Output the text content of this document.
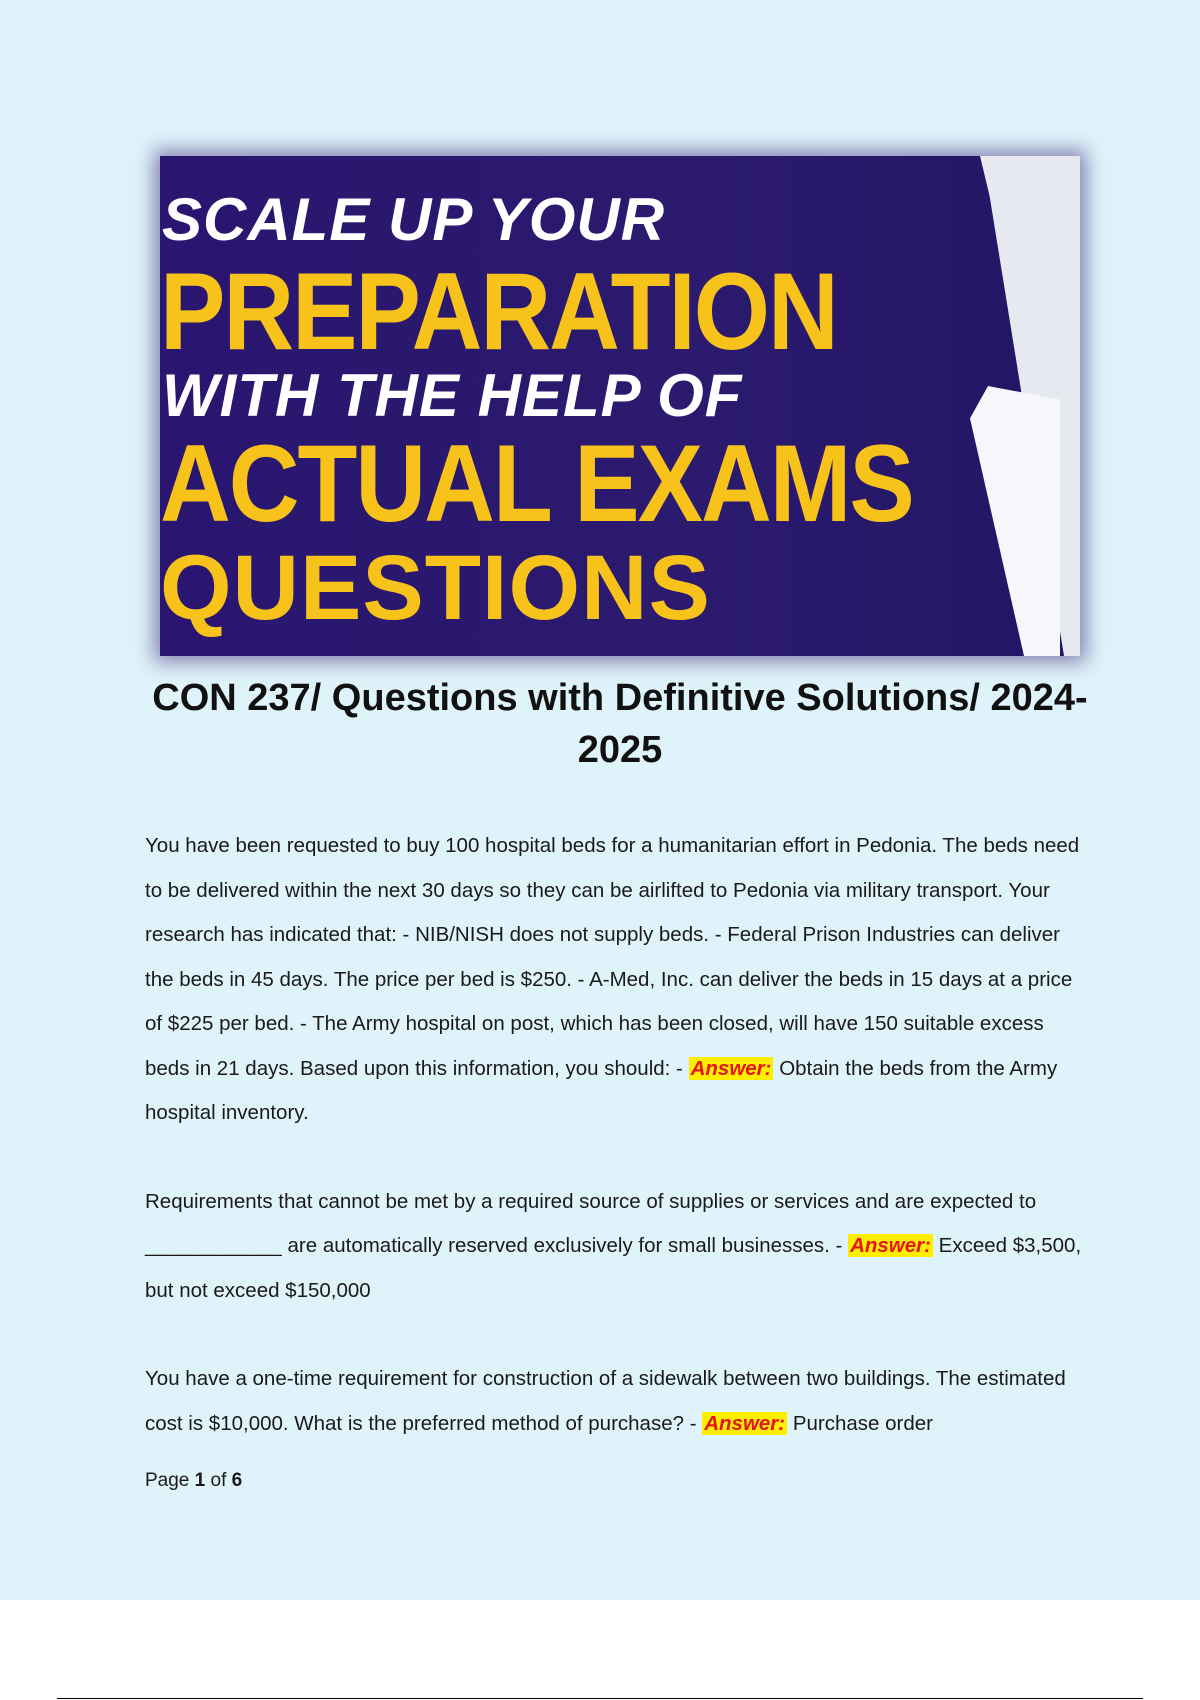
SCALE UP YOUR
PREPARATION
WITH THE HELP OF
ACTUAL EXAMS
QUESTIONS
CON 237/ Questions with Definitive Solutions/ 2024-2025

You have been requested to buy 100 hospital beds for a humanitarian effort in Pedonia. The beds need to be delivered within the next 30 days so they can be airlifted to Pedonia via military transport. Your research has indicated that: - NIB/NISH does not supply beds. - Federal Prison Industries can deliver the beds in 45 days. The price per bed is $250. - A-Med, Inc. can deliver the beds in 15 days at a price of $225 per bed. - The Army hospital on post, which has been closed, will have 150 suitable excess beds in 21 days. Based upon this information, you should: - Answer: Obtain the beds from the Army hospital inventory.

Requirements that cannot be met by a required source of supplies or services and are expected to ____________ are automatically reserved exclusively for small businesses. - Answer: Exceed $3,500, but not exceed $150,000

You have a one-time requirement for construction of a sidewalk between two buildings. The estimated cost is $10,000. What is the preferred method of purchase? - Answer: Purchase order

Page 1 of 6
